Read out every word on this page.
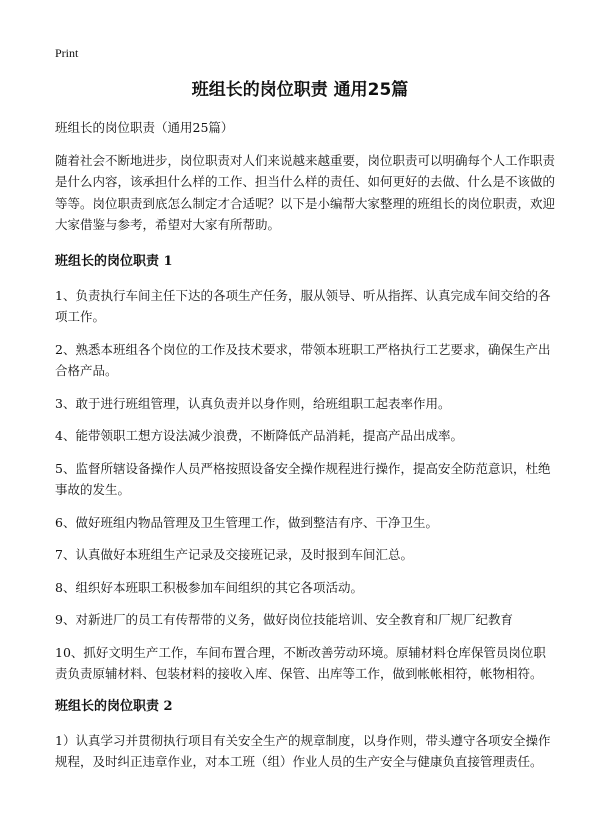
Print
班组长的岗位职责 通用25篇

班组长的岗位职责（通用25篇）

随着社会不断地进步，岗位职责对人们来说越来越重要，岗位职责可以明确每个人工作职责是什么内容，该承担什么样的工作、担当什么样的责任、如何更好的去做、什么是不该做的等等。岗位职责到底怎么制定才合适呢？以下是小编帮大家整理的班组长的岗位职责，欢迎大家借鉴与参考，希望对大家有所帮助。

班组长的岗位职责 1

1、负责执行车间主任下达的各项生产任务，服从领导、听从指挥、认真完成车间交给的各项工作。

2、熟悉本班组各个岗位的工作及技术要求，带领本班职工严格执行工艺要求，确保生产出合格产品。

3、敢于进行班组管理，认真负责并以身作则，给班组职工起表率作用。

4、能带领职工想方设法减少浪费，不断降低产品消耗，提高产品出成率。

5、监督所辖设备操作人员严格按照设备安全操作规程进行操作，提高安全防范意识，杜绝事故的发生。

6、做好班组内物品管理及卫生管理工作，做到整洁有序、干净卫生。

7、认真做好本班组生产记录及交接班记录，及时报到车间汇总。

8、组织好本班职工积极参加车间组织的其它各项活动。

9、对新进厂的员工有传帮带的义务，做好岗位技能培训、安全教育和厂规厂纪教育

10、抓好文明生产工作，车间布置合理，不断改善劳动环境。原辅材料仓库保管员岗位职责负责原辅材料、包装材料的接收入库、保管、出库等工作，做到帐帐相符，帐物相符。

班组长的岗位职责 2

1）认真学习并贯彻执行项目有关安全生产的规章制度，以身作则，带头遵守各项安全操作规程，及时纠正违章作业，对本工班（组）作业人员的生产安全与健康负直接管理责任。
